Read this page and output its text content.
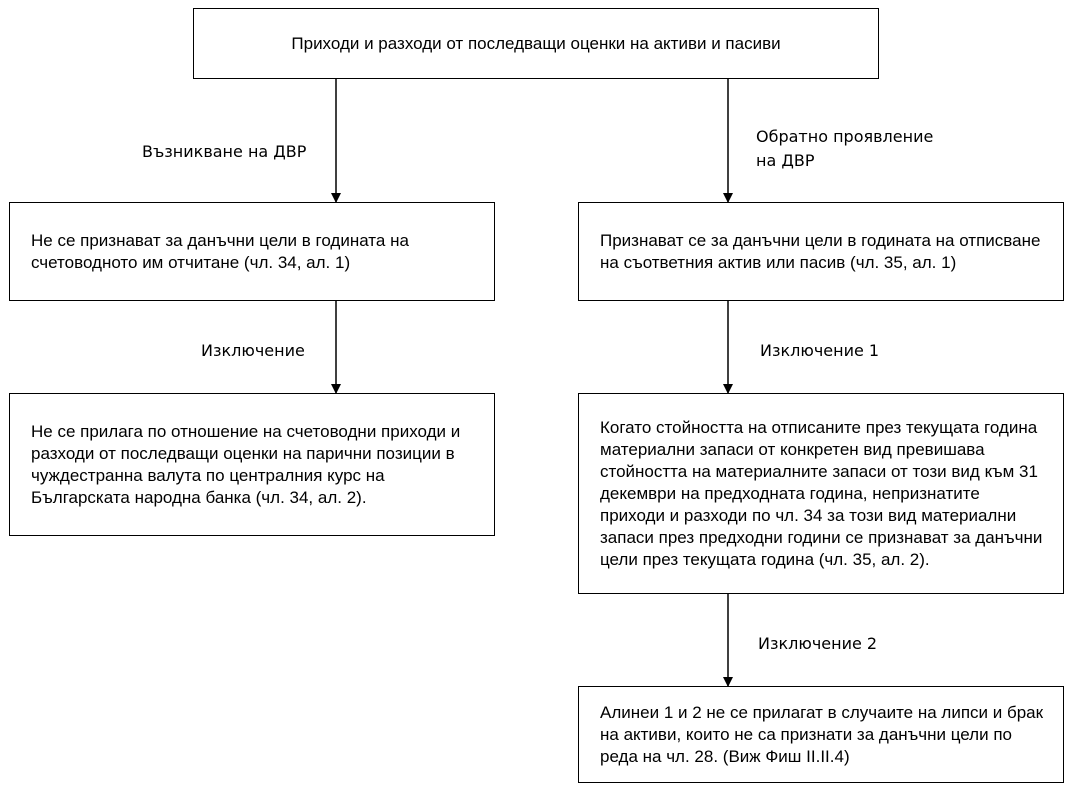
Приходи и разходи от последващи оценки на активи и пасиви
Възникване на ДВР
Обратно проявление
на ДВР
Не се признават за данъчни цели в годината на счетоводното им отчитане (чл. 34, ал. 1)
Признават се за данъчни цели в годината на отписване на съответния актив или пасив (чл. 35, ал. 1)
Изключение	Изключение 1
Не се прилага по отношение на счетоводни приходи и разходи от последващи оценки на парични позиции в чуждестранна валута по централния курс на Българската народна банка (чл. 34, ал. 2).
Когато стойността на отписаните през текущата година материални запаси от конкретен вид превишава стойността на материалните запаси от този вид към 31 декември на предходната година, непризнатите приходи и разходи по чл. 34 за този вид материални запаси през предходни години се признават за данъчни цели през текущата година (чл. 35, ал. 2).
Изключение 2
Алинеи 1 и 2 не се прилагат в случаите на липси и брак на активи, които не са признати за данъчни цели по реда на чл. 28. (Виж Фиш II.II.4)
